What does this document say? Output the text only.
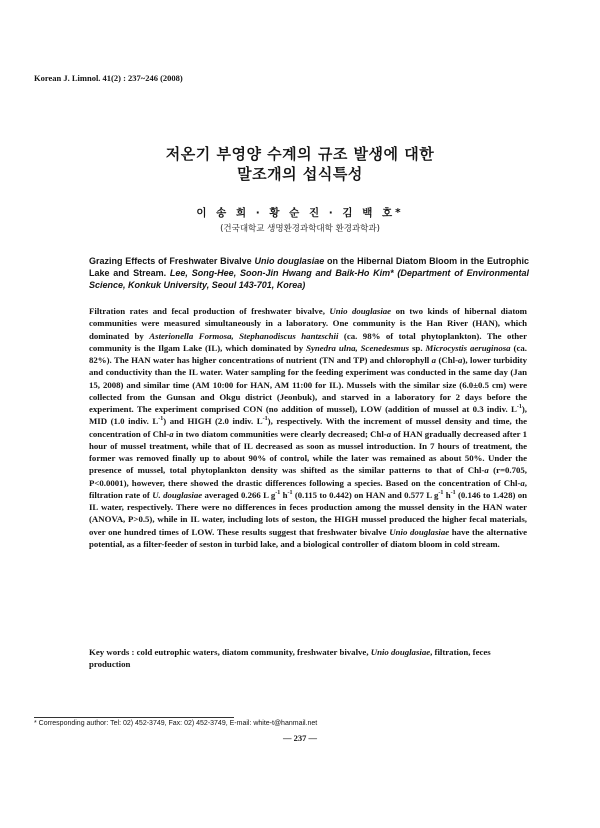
Korean J. Limnol. 41(2) : 237~246 (2008)
저온기 부영양 수계의 규조 발생에 대한
말조개의 섭식특성
이 송 희 · 황 순 진 · 김 백 호*
(건국대학교 생명환경과학대학 환경과학과)
Grazing Effects of Freshwater Bivalve Unio douglasiae on the Hibernal Diatom Bloom in the Eutrophic Lake and Stream. Lee, Song-Hee, Soon-Jin Hwang and Baik-Ho Kim* (Department of Environmental Science, Konkuk University, Seoul 143-701, Korea)
Filtration rates and fecal production of freshwater bivalve, Unio douglasiae on two kinds of hibernal diatom communities were measured simultaneously in a laboratory. One community is the Han River (HAN), which dominated by Asterionella Formosa, Stephanodiscus hantzschii (ca. 98% of total phytoplankton). The other community is the Ilgam Lake (IL), which dominated by Synedra ulna, Scenedesmus sp. Microcystis aeruginosa (ca. 82%). The HAN water has higher concentrations of nutrient (TN and TP) and chlorophyll a (Chl-a), lower turbidity and conductivity than the IL water. Water sampling for the feeding experiment was conducted in the same day (Jan 15, 2008) and similar time (AM 10:00 for HAN, AM 11:00 for IL). Mussels with the similar size (6.0±0.5 cm) were collected from the Gunsan and Okgu district (Jeonbuk), and starved in a laboratory for 2 days before the experiment. The experiment comprised CON (no addition of mussel), LOW (addition of mussel at 0.3 indiv. $L^{-1}$), MID (1.0 indiv. $L^{-1}$) and HIGH (2.0 indiv. $L^{-1}$), respectively. With the increment of mussel density and time, the concentration of Chl-a in two diatom communities were clearly decreased; Chl-a of HAN gradually decreased after 1 hour of mussel treatment, while that of IL decreased as soon as mussel introduction. In 7 hours of treatment, the former was removed finally up to about 90% of control, while the later was remained as about 50%. Under the presence of mussel, total phytoplankton density was shifted as the similar patterns to that of Chl-a (r=0.705, P<0.0001), however, there showed the drastic differences following a species. Based on the concentration of Chl-a, filtration rate of U. douglasiae averaged 0.266 L $g^{-1}$ $h^{-1}$ (0.115 to 0.442) on HAN and 0.577 L $g^{-1}$ $h^{-1}$ (0.146 to 1.428) on IL water, respectively. There were no differences in feces production among the mussel density in the HAN water (ANOVA, P>0.5), while in IL water, including lots of seston, the HIGH mussel produced the higher fecal materials, over one hundred times of LOW. These results suggest that freshwater bivalve Unio douglasiae have the alternative potential, as a filter-feeder of seston in turbid lake, and a biological controller of diatom bloom in cold stream.
Key words : cold eutrophic waters, diatom community, freshwater bivalve, Unio douglasiae, filtration, feces production
* Corresponding author: Tel: 02) 452-3749, Fax: 02) 452-3749, E-mail: white-t@hanmail.net
— 237 —
